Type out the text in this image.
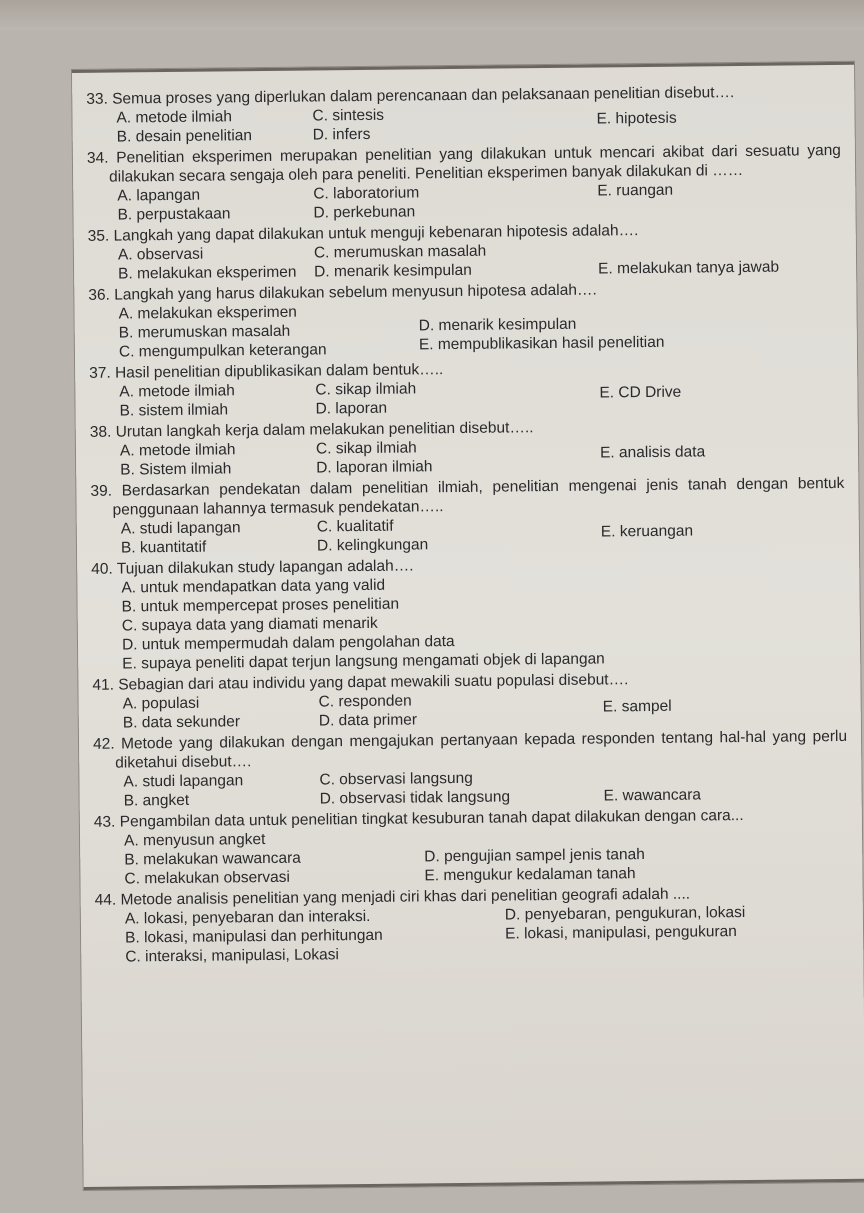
33. Semua proses yang diperlukan dalam perencanaan dan pelaksanaan penelitian disebut….
A. metode ilmiah	C. sintesis	E. hipotesis
B. desain penelitian	D. infers
34. Penelitian eksperimen merupakan penelitian yang dilakukan untuk mencari akibat dari sesuatu yang dilakukan secara sengaja oleh para peneliti. Penelitian eksperimen banyak dilakukan di ……
A. lapangan	C. laboratorium	E. ruangan
B. perpustakaan	D. perkebunan
35. Langkah yang dapat dilakukan untuk menguji kebenaran hipotesis adalah….
A. observasi	C. merumuskan masalah
B. melakukan eksperimen D. menarik kesimpulan	E. melakukan tanya jawab
36. Langkah yang harus dilakukan sebelum menyusun hipotesa adalah….
A. melakukan eksperimen
B. merumuskan masalah	D. menarik kesimpulan
C. mengumpulkan keterangan	E. mempublikasikan hasil penelitian
37. Hasil penelitian dipublikasikan dalam bentuk…..
A. metode ilmiah	C. sikap ilmiah	E. CD Drive
B. sistem ilmiah	D. laporan
38. Urutan langkah kerja dalam melakukan penelitian disebut…..
A. metode ilmiah	C. sikap ilmiah	E. analisis data
B. Sistem ilmiah	D. laporan ilmiah
39. Berdasarkan pendekatan dalam penelitian ilmiah, penelitian mengenai jenis tanah dengan bentuk penggunaan lahannya termasuk pendekatan…..
A. studi lapangan	C. kualitatif	E. keruangan
B. kuantitatif	D. kelingkungan
40. Tujuan dilakukan study lapangan adalah….
A. untuk mendapatkan data yang valid
B. untuk mempercepat proses penelitian
C. supaya data yang diamati menarik
D. untuk mempermudah dalam pengolahan data
E. supaya peneliti dapat terjun langsung mengamati objek di lapangan
41. Sebagian dari atau individu yang dapat mewakili suatu populasi disebut….
A. populasi	C. responden	E. sampel
B. data sekunder	D. data primer
42. Metode yang dilakukan dengan mengajukan pertanyaan kepada responden tentang hal-hal yang perlu diketahui disebut….
A. studi lapangan	C. observasi langsung
B. angket	D. observasi tidak langsung	E. wawancara
43. Pengambilan data untuk penelitian tingkat kesuburan tanah dapat dilakukan dengan cara...
A. menyusun angket
B. melakukan wawancara	D. pengujian sampel jenis tanah
C. melakukan observasi	E. mengukur kedalaman tanah
44. Metode analisis penelitian yang menjadi ciri khas dari penelitian geografi adalah ....
A. lokasi, penyebaran dan interaksi.	D. penyebaran, pengukuran, lokasi
B. lokasi, manipulasi dan perhitungan	E. lokasi, manipulasi, pengukuran
C. interaksi, manipulasi, Lokasi
